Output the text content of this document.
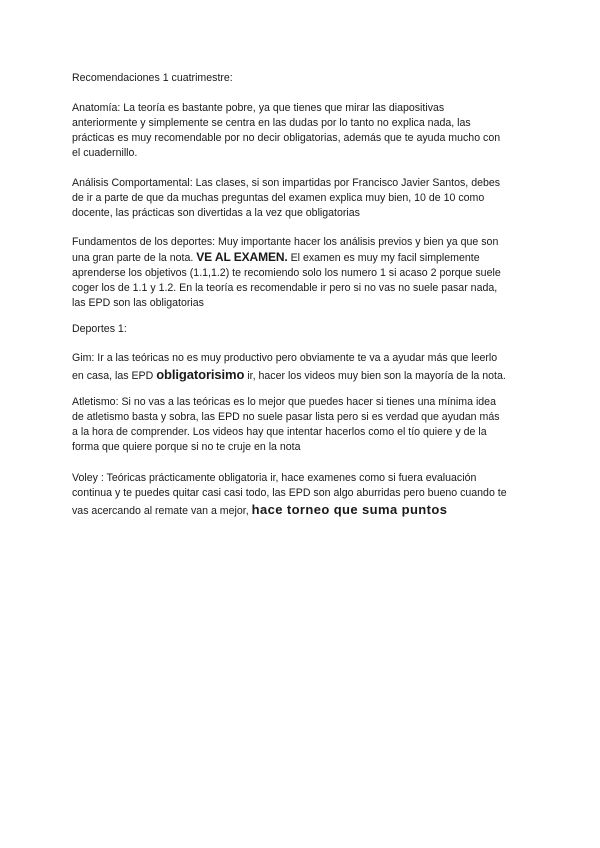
Recomendaciones 1 cuatrimestre:

Anatomía: La teoría es bastante pobre, ya que tienes que mirar las diapositivas
anteriormente y simplemente se centra en las dudas por lo tanto no explica nada, las
prácticas es muy recomendable por no decir obligatorias, además que te ayuda mucho con
el cuadernillo.

Análisis Comportamental: Las clases, si son impartidas por Francisco Javier Santos, debes
de ir a parte de que da muchas preguntas del examen explica muy bien, 10 de 10 como
docente, las prácticas son divertidas a la vez que obligatorias

Fundamentos de los deportes: Muy importante hacer los análisis previos y bien ya que son
una gran parte de la nota. VE AL EXAMEN. El examen es muy my facil simplemente
aprenderse los objetivos (1.1,1.2) te recomiendo solo los numero 1 si acaso 2 porque suele
coger los de 1.1 y 1.2. En la teoría es recomendable ir pero si no vas no suele pasar nada,
las EPD son las obligatorias

Deportes 1:

Gim: Ir a las teóricas no es muy productivo pero obviamente te va a ayudar más que leerlo
en casa, las EPD obligatorisimo ir, hacer los videos muy bien son la mayoría de la nota.

Atletismo: Si no vas a las teóricas es lo mejor que puedes hacer si tienes una mínima idea
de atletismo basta y sobra, las EPD no suele pasar lista pero si es verdad que ayudan más
a la hora de comprender. Los videos hay que intentar hacerlos como el tío quiere y de la
forma que quiere porque si no te cruje en la nota

Voley : Teóricas prácticamente obligatoria ir, hace examenes como si fuera evaluación
continua y te puedes quitar casi casi todo, las EPD son algo aburridas pero bueno cuando te
vas acercando al remate van a mejor, hace torneo que suma puntos
